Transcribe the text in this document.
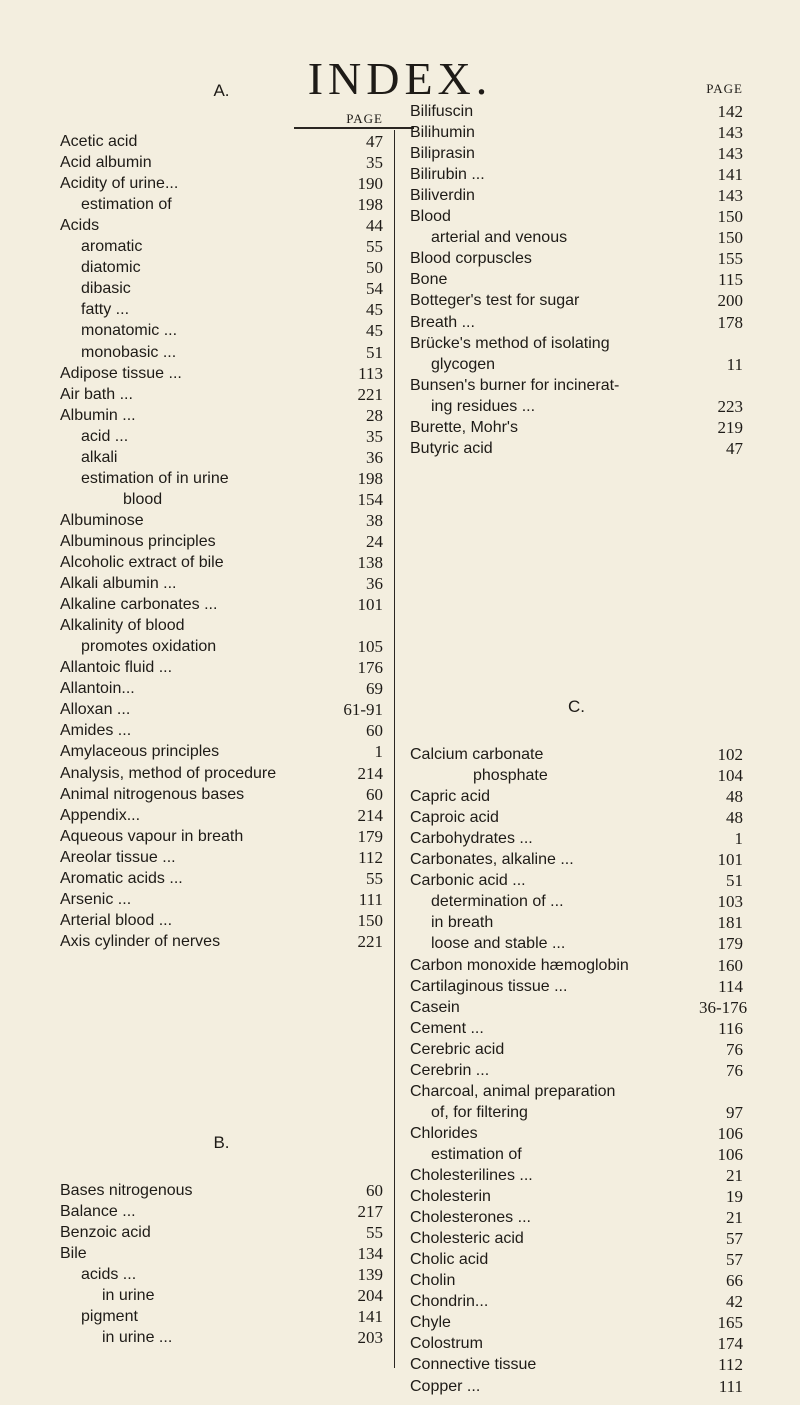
INDEX.
A.
PAGE
Acetic acid	47
Acid albumin	35
Acidity of urine...	190
estimation of	198
Acids	44
aromatic	55
diatomic	50
dibasic	54
fatty ...	45
monatomic ...	45
monobasic ...	51
Adipose tissue ...	113
Air bath ...	221
Albumin ...	28
acid ...	35
alkali	36
estimation of in urine	198
blood	154
Albuminose	38
Albuminous principles	24
Alcoholic extract of bile	138
Alkali albumin ...	36
Alkaline carbonates ...	101
Alkalinity of blood
promotes oxidation	105
Allantoic fluid ...	176
Allantoin...	69
Alloxan ...	61-91
Amides ...	60
Amylaceous principles	1
Analysis, method of procedure	214
Animal nitrogenous bases	60
Appendix...	214
Aqueous vapour in breath	179
Areolar tissue ...	112
Aromatic acids ...	55
Arsenic ...	111
Arterial blood ...	150
Axis cylinder of nerves	221
B.
Bases nitrogenous	60
Balance ...	217
Benzoic acid	55
Bile	134
acids ...	139
in urine	204
pigment	141
in urine ...	203
PAGE
Bilifuscin	142
Bilihumin	143
Biliprasin	143
Bilirubin ...	141
Biliverdin	143
Blood	150
arterial and venous	150
Blood corpuscles	155
Bone	115
Botteger's test for sugar	200
Breath ...	178
Brücke's method of isolating
glycogen	11
Bunsen's burner for incinerat-
ing residues ...	223
Burette, Mohr's	219
Butyric acid	47
C.
Calcium carbonate	102
phosphate	104
Capric acid	48
Caproic acid	48
Carbohydrates ...	1
Carbonates, alkaline ...	101
Carbonic acid ...	51
determination of ...	103
in breath	181
loose and stable ...	179
Carbon monoxide hæmoglobin	160
Cartilaginous tissue ...	114
Casein	36-176
Cement ...	116
Cerebric acid	76
Cerebrin ...	76
Charcoal, animal preparation
of, for filtering	97
Chlorides	106
estimation of	106
Cholesterilines ...	21
Cholesterin	19
Cholesterones ...	21
Cholesteric acid	57
Cholic acid	57
Cholin	66
Chondrin...	42
Chyle	165
Colostrum	174
Connective tissue	112
Copper ...	111
